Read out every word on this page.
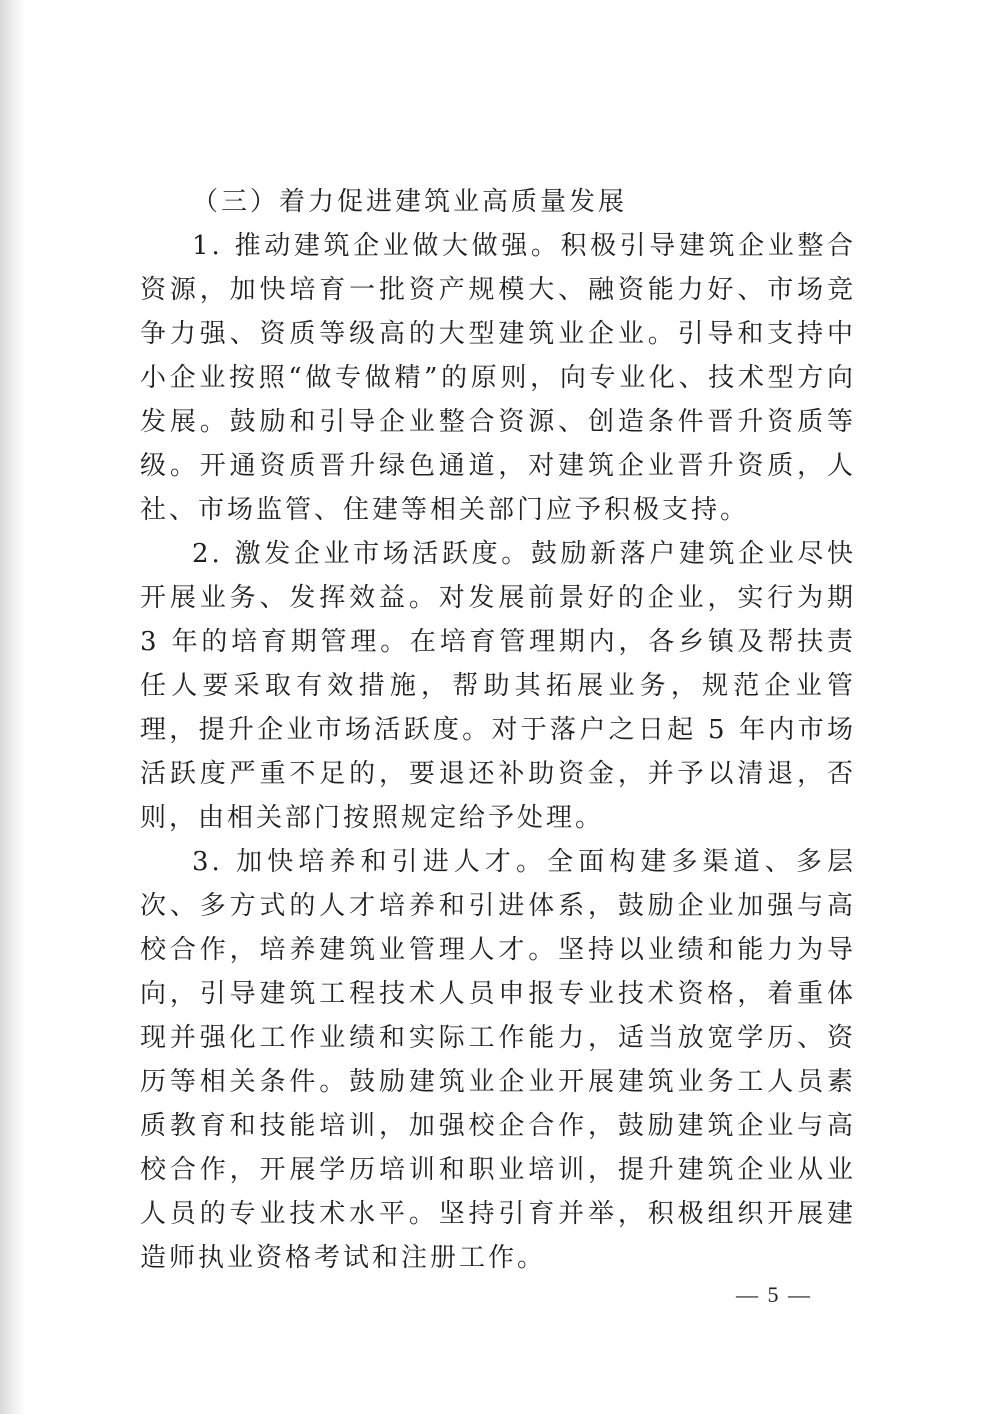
（三）着力促进建筑业高质量发展

1. 推动建筑企业做大做强。积极引导建筑企业整合资源，加快培育一批资产规模大、融资能力好、市场竞争力强、资质等级高的大型建筑业企业。引导和支持中小企业按照“做专做精”的原则，向专业化、技术型方向发展。鼓励和引导企业整合资源、创造条件晋升资质等级。开通资质晋升绿色通道，对建筑企业晋升资质，人社、市场监管、住建等相关部门应予积极支持。

2. 激发企业市场活跃度。鼓励新落户建筑企业尽快开展业务、发挥效益。对发展前景好的企业，实行为期 3 年的培育期管理。在培育管理期内，各乡镇及帮扶责任人要采取有效措施，帮助其拓展业务，规范企业管理，提升企业市场活跃度。对于落户之日起 5 年内市场活跃度严重不足的，要退还补助资金，并予以清退，否则，由相关部门按照规定给予处理。

3. 加快培养和引进人才。全面构建多渠道、多层次、多方式的人才培养和引进体系，鼓励企业加强与高校合作，培养建筑业管理人才。坚持以业绩和能力为导向，引导建筑工程技术人员申报专业技术资格，着重体现并强化工作业绩和实际工作能力，适当放宽学历、资历等相关条件。鼓励建筑业企业开展建筑业务工人员素质教育和技能培训，加强校企合作，鼓励建筑企业与高校合作，开展学历培训和职业培训，提升建筑企业从业人员的专业技术水平。坚持引育并举，积极组织开展建造师执业资格考试和注册工作。

— 5 —
